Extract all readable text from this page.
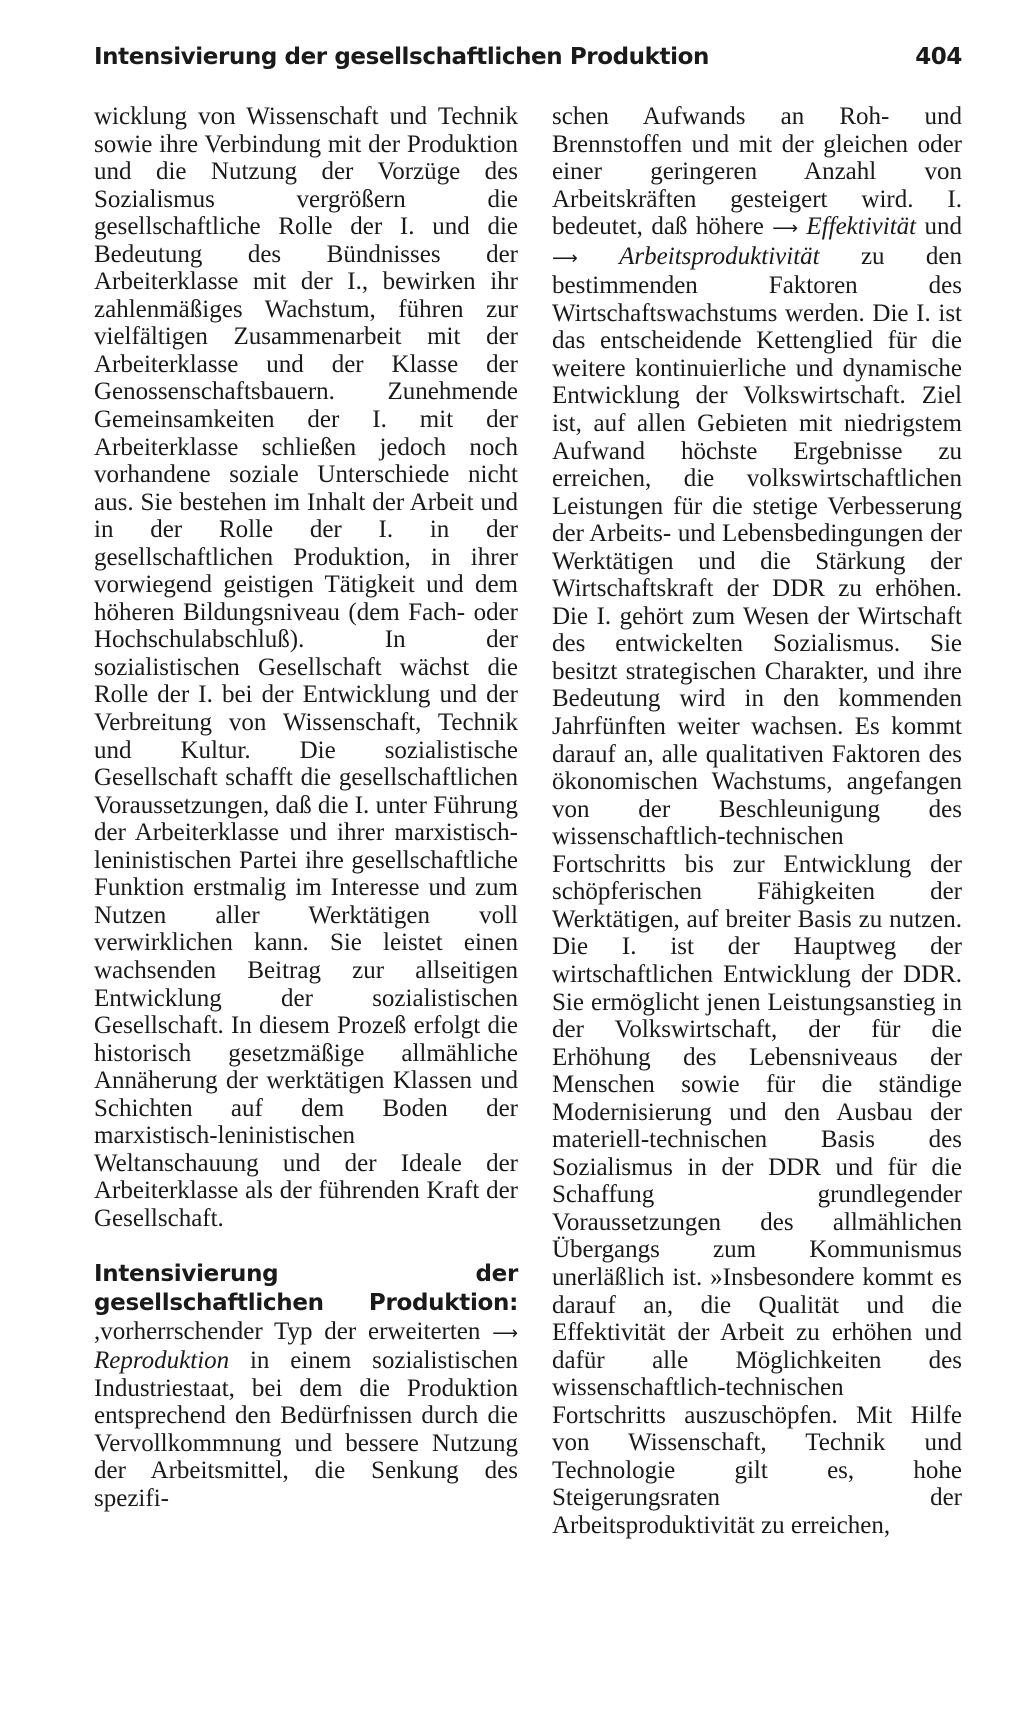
Intensivierung der gesellschaftlichen Produktion	404

wicklung von Wissenschaft und Technik sowie ihre Verbindung mit der Produktion und die Nutzung der Vorzüge des Sozialismus vergrößern die gesellschaftliche Rolle der I. und die Bedeutung des Bündnisses der Arbeiterklasse mit der I., bewirken ihr zahlenmäßiges Wachstum, führen zur vielfältigen Zusammenarbeit mit der Arbeiterklasse und der Klasse der Genossenschaftsbauern. Zunehmende Gemeinsamkeiten der I. mit der Arbeiterklasse schließen jedoch noch vorhandene soziale Unterschiede nicht aus. Sie bestehen im Inhalt der Arbeit und in der Rolle der I. in der gesellschaftlichen Produktion, in ihrer vorwiegend geistigen Tätigkeit und dem höheren Bildungsniveau (dem Fach- oder Hochschulabschluß). In der sozialistischen Gesellschaft wächst die Rolle der I. bei der Entwicklung und der Verbreitung von Wissenschaft, Technik und Kultur. Die sozialistische Gesellschaft schafft die gesellschaftlichen Voraussetzungen, daß die I. unter Führung der Arbeiterklasse und ihrer marxistisch-leninistischen Partei ihre gesellschaftliche Funktion erstmalig im Interesse und zum Nutzen aller Werktätigen voll verwirklichen kann. Sie leistet einen wachsenden Beitrag zur allseitigen Entwicklung der sozialistischen Gesellschaft. In diesem Prozeß erfolgt die historisch gesetzmäßige allmähliche Annäherung der werktätigen Klassen und Schichten auf dem Boden der marxistisch-leninistischen Weltanschauung und der Ideale der Arbeiterklasse als der führenden Kraft der Gesellschaft.

Intensivierung der gesellschaftlichen Produktion: ,vorherrschender Typ der erweiterten ⟶ Reproduktion in einem sozialistischen Industriestaat, bei dem die Produktion entsprechend den Bedürfnissen durch die Vervollkommnung und bessere Nutzung der Arbeitsmittel, die Senkung des spezifi-

schen Aufwands an Roh- und Brennstoffen und mit der gleichen oder einer geringeren Anzahl von Arbeitskräften gesteigert wird. I. bedeutet, daß höhere ⟶ Effektivität und ⟶ Arbeitsproduktivität zu den bestimmenden Faktoren des Wirtschaftswachstums werden. Die I. ist das entscheidende Kettenglied für die weitere kontinuierliche und dynamische Entwicklung der Volkswirtschaft. Ziel ist, auf allen Gebieten mit niedrigstem Aufwand höchste Ergebnisse zu erreichen, die volkswirtschaftlichen Leistungen für die stetige Verbesserung der Arbeits- und Lebensbedingungen der Werktätigen und die Stärkung der Wirtschaftskraft der DDR zu erhöhen. Die I. gehört zum Wesen der Wirtschaft des entwickelten Sozialismus. Sie besitzt strategischen Charakter, und ihre Bedeutung wird in den kommenden Jahrfünften weiter wachsen. Es kommt darauf an, alle qualitativen Faktoren des ökonomischen Wachstums, angefangen von der Beschleunigung des wissenschaftlich-technischen Fortschritts bis zur Entwicklung der schöpferischen Fähigkeiten der Werktätigen, auf breiter Basis zu nutzen. Die I. ist der Hauptweg der wirtschaftlichen Entwicklung der DDR. Sie ermöglicht jenen Leistungsanstieg in der Volkswirtschaft, der für die Erhöhung des Lebensniveaus der Menschen sowie für die ständige Modernisierung und den Ausbau der materiell-technischen Basis des Sozialismus in der DDR und für die Schaffung grundlegender Voraussetzungen des allmählichen Übergangs zum Kommunismus unerläßlich ist. »Insbesondere kommt es darauf an, die Qualität und die Effektivität der Arbeit zu erhöhen und dafür alle Möglichkeiten des wissenschaftlich-technischen Fortschritts auszuschöpfen. Mit Hilfe von Wissenschaft, Technik und Technologie gilt es, hohe Steigerungsraten der Arbeitsproduktivität zu erreichen,
